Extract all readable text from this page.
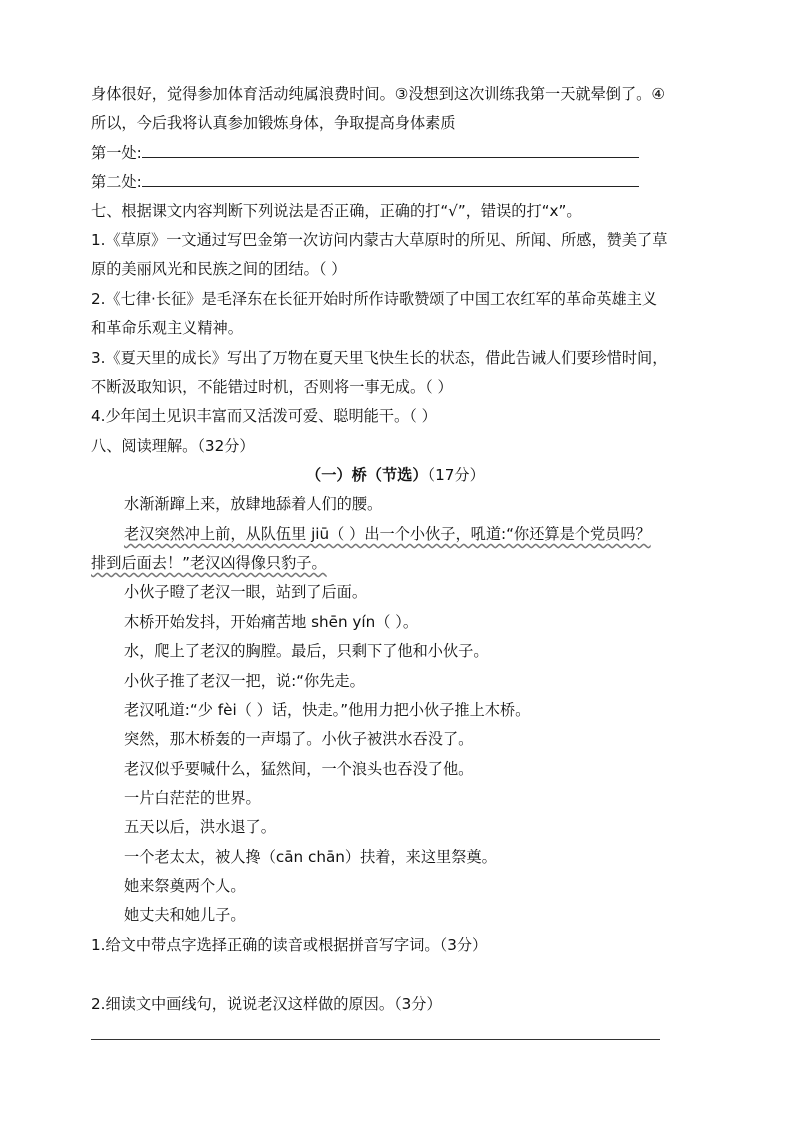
身体很好，觉得参加体育活动纯属浪费时间。③没想到这次训练我第一天就晕倒了。④
所以，今后我将认真参加锻炼身体，争取提高身体素质
第一处:
第二处:
七、根据课文内容判断下列说法是否正确，正确的打“√”，错误的打“x”。
1.《草原》一文通过写巴金第一次访问内蒙古大草原时的所见、所闻、所感，赞美了草
原的美丽风光和民族之间的团结。（ ）
2.《七律·长征》是毛泽东在长征开始时所作诗歌赞颂了中国工农红军的革命英雄主义
和革命乐观主义精神。
3.《夏天里的成长》写出了万物在夏天里飞快生长的状态，借此告诫人们要珍惜时间，
不断汲取知识，不能错过时机，否则将一事无成。（ ）
4.少年闰土见识丰富而又活泼可爱、聪明能干。（ ）
八、阅读理解。（32分）
（一）桥（节选）（17分）
水渐渐蹿上来，放肆地舔着人们的腰。
老汉突然冲上前，从队伍里 jiū（ ）出一个小伙子，吼道:“你还算是个党员吗？
排到后面去！”老汉凶得像只豹子。
小伙子瞪了老汉一眼，站到了后面。
木桥开始发抖，开始痛苦地 shēn yín（ ）。
水，爬上了老汉的胸膛。最后，只剩下了他和小伙子。
小伙子推了老汉一把，说:“你先走。
老汉吼道:“少 fèi（ ）话，快走。”他用力把小伙子推上木桥。
突然，那木桥轰的一声塌了。小伙子被洪水吞没了。
老汉似乎要喊什么，猛然间，一个浪头也吞没了他。
一片白茫茫的世界。
五天以后，洪水退了。
一个老太太，被人搀（cān chān）扶着，来这里祭奠。
她来祭奠两个人。
她丈夫和她儿子。
1.给文中带点字选择正确的读音或根据拼音写字词。（3分）
2.细读文中画线句，说说老汉这样做的原因。（3分）
